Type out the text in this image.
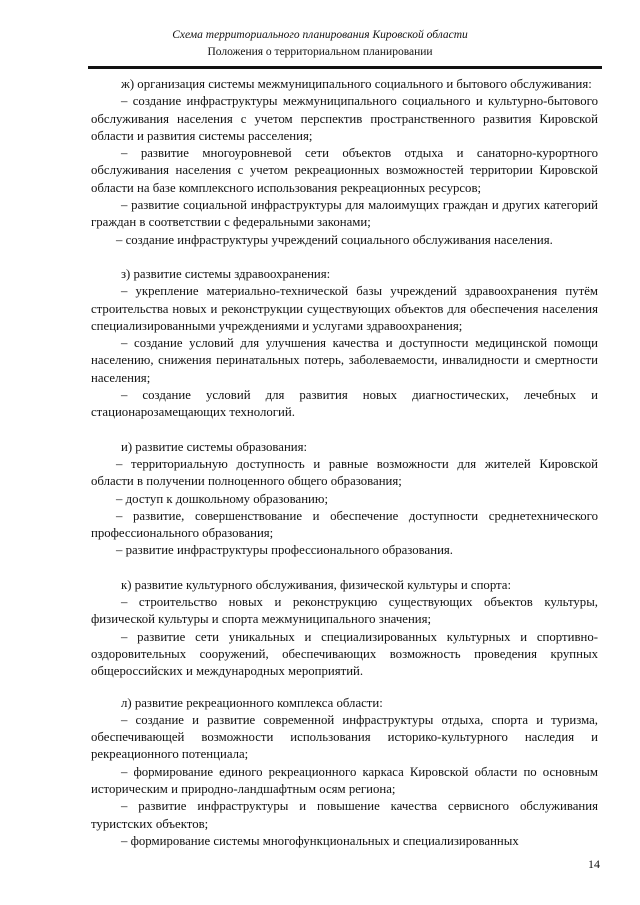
Схема территориального планирования Кировской области
Положения о территориальном планировании

ж) организация системы межмуниципального социального и бытового обслуживания:

– создание инфраструктуры межмуниципального социального и культурно-бытового обслуживания населения с учетом перспектив пространственного развития Кировской области и развития системы расселения;

– развитие многоуровневой сети объектов отдыха и санаторно-курортного обслуживания населения с учетом рекреационных возможностей территории Кировской области на базе комплексного использования рекреационных ресурсов;

– развитие социальной инфраструктуры для малоимущих граждан и других категорий граждан в соответствии с федеральными законами;

– создание инфраструктуры учреждений социального обслуживания населения.

з) развитие системы здравоохранения:

– укрепление материально-технической базы учреждений здравоохранения путём строительства новых и реконструкции существующих объектов для обеспечения населения специализированными учреждениями и услугами здравоохранения;

– создание условий для улучшения качества и доступности медицинской помощи населению, снижения перинатальных потерь, заболеваемости, инвалидности и смертности населения;

– создание условий для развития новых диагностических, лечебных и стационарозамещающих технологий.

и) развитие системы образования:

– территориальную доступность и равные возможности для жителей Кировской области в получении полноценного общего образования;

– доступ к дошкольному образованию;

– развитие, совершенствование и обеспечение доступности среднетехнического профессионального образования;

– развитие инфраструктуры профессионального образования.

к) развитие культурного обслуживания, физической культуры и спорта:

– строительство новых и реконструкцию существующих объектов культуры, физической культуры и спорта межмуниципального значения;

– развитие сети уникальных и специализированных культурных и спортивно-оздоровительных сооружений, обеспечивающих возможность проведения крупных общероссийских и международных мероприятий.

л) развитие рекреационного комплекса области:

– создание и развитие современной инфраструктуры отдыха, спорта и туризма, обеспечивающей возможности использования историко-культурного наследия и рекреационного потенциала;

– формирование единого рекреационного каркаса Кировской области по основным историческим и природно-ландшафтным осям региона;

– развитие инфраструктуры и повышение качества сервисного обслуживания туристских объектов;

– формирование системы многофункциональных и специализированных

14
